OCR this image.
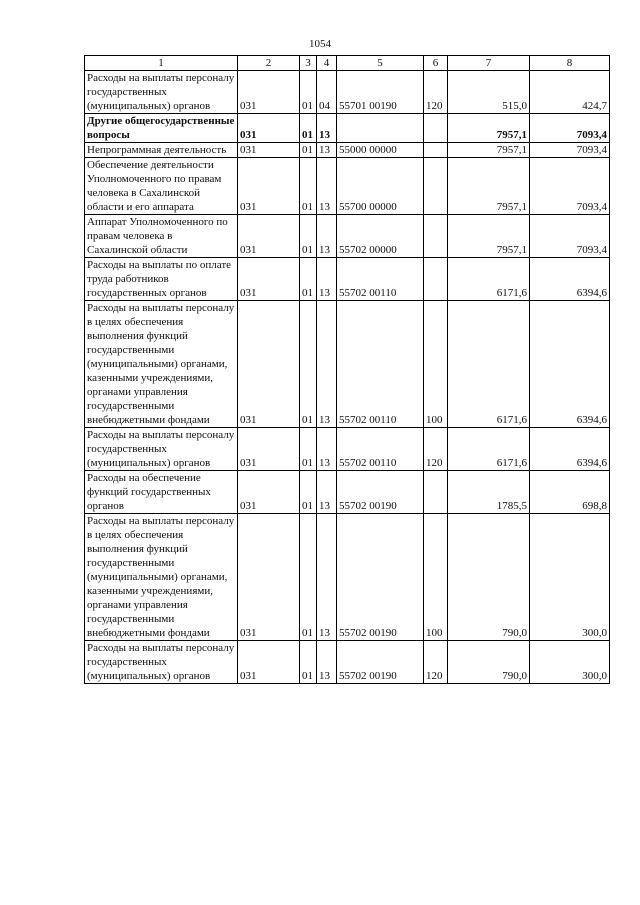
1054
1	2	3	4	5	6	7	8
Расходы на выплаты персоналу государственных (муниципальных) органов	031	01	04	55701 00190	120	515,0	424,7
Другие общегосударственные вопросы	031	01	13			7957,1	7093,4
Непрограммная деятельность	031	01	13	55000 00000		7957,1	7093,4
Обеспечение деятельности Уполномоченного по правам человека в Сахалинской области и его аппарата	031	01	13	55700 00000		7957,1	7093,4
Аппарат Уполномоченного по правам человека в Сахалинской области	031	01	13	55702 00000		7957,1	7093,4
Расходы на выплаты по оплате труда работников государственных органов	031	01	13	55702 00110		6171,6	6394,6
Расходы на выплаты персоналу в целях обеспечения выполнения функций государственными (муниципальными) органами, казенными учреждениями, органами управления государственными внебюджетными фондами	031	01	13	55702 00110	100	6171,6	6394,6
Расходы на выплаты персоналу государственных (муниципальных) органов	031	01	13	55702 00110	120	6171,6	6394,6
Расходы на обеспечение функций государственных органов	031	01	13	55702 00190		1785,5	698,8
Расходы на выплаты персоналу в целях обеспечения выполнения функций государственными (муниципальными) органами, казенными учреждениями, органами управления государственными внебюджетными фондами	031	01	13	55702 00190	100	790,0	300,0
Расходы на выплаты персоналу государственных (муниципальных) органов	031	01	13	55702 00190	120	790,0	300,0
